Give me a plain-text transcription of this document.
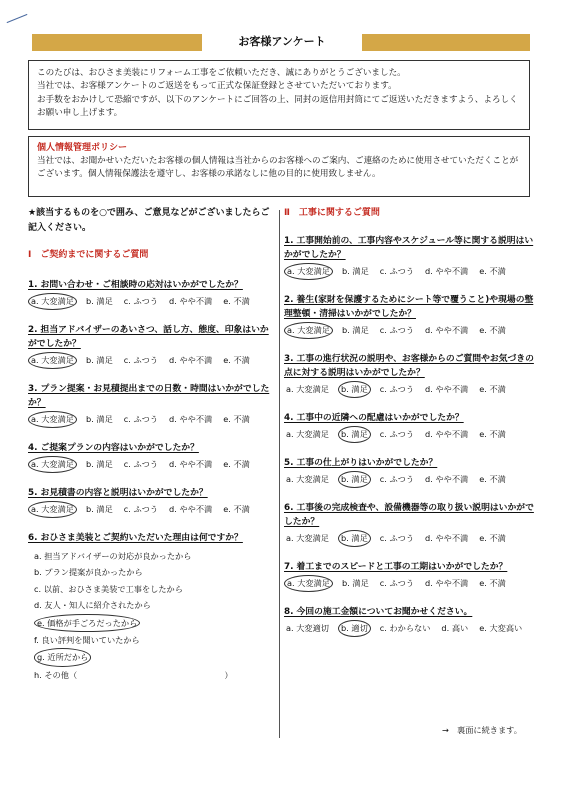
お客様アンケート
このたびは、おひさま美装にリフォーム工事をご依頼いただき、誠にありがとうございました。
当社では、お客様アンケートのご返送をもって正式な保証登録とさせていただいております。
お手数をおかけして恐縮ですが、以下のアンケートにご回答の上、同封の返信用封筒にてご返送いただきますよう、よろしくお願い申し上げます。
個人情報管理ポリシー
当社では、お聞かせいただいたお客様の個人情報は当社からのお客様へのご案内、ご連絡のために使用させていただくことがございます。個人情報保護法を遵守し、お客様の承諾なしに他の目的に使用致しません。
★該当するものを○で囲み、ご意見などがございましたらご記入ください。
Ⅰ　ご契約までに関するご質問
1. お問い合わせ・ご相談時の応対はいかがでしたか？
a. 大変満足 b. 満足 c. ふつう d. やや不満 e. 不満
2. 担当アドバイザーのあいさつ、話し方、態度、印象はいかがでしたか？
a. 大変満足 b. 満足 c. ふつう d. やや不満 e. 不満
3. プラン提案・お見積提出までの日数・時間はいかがでしたか？
a. 大変満足 b. 満足 c. ふつう d. やや不満 e. 不満
4. ご提案プランの内容はいかがでしたか？
a. 大変満足 b. 満足 c. ふつう d. やや不満 e. 不満
5. お見積書の内容と説明はいかがでしたか？
a. 大変満足 b. 満足 c. ふつう d. やや不満 e. 不満
6. おひさま美装とご契約いただいた理由は何ですか？
a. 担当アドバイザーの対応が良かったから
b. プラン提案が良かったから
c. 以前、おひさま美装で工事をしたから
d. 友人・知人に紹介されたから
e. 価格が手ごろだったから
f. 良い評判を聞いていたから
g. 近所だから
h. その他（　　　　　　　　　　　　　　　　　　）
Ⅱ　工事に関するご質問
1. 工事開始前の、工事内容やスケジュール等に関する説明はいかがでしたか？
a. 大変満足 b. 満足 c. ふつう d. やや不満 e. 不満
2. 養生(家財を保護するためにシート等で覆うこと)や現場の整理整頓・清掃はいかがでしたか？
a. 大変満足 b. 満足 c. ふつう d. やや不満 e. 不満
3. 工事の進行状況の説明や、お客様からのご質問やお気づきの点に対する説明はいかがでしたか？
a. 大変満足 b. 満足 c. ふつう d. やや不満 e. 不満
4. 工事中の近隣への配慮はいかがでしたか？
a. 大変満足 b. 満足 c. ふつう d. やや不満 e. 不満
5. 工事の仕上がりはいかがでしたか？
a. 大変満足 b. 満足 c. ふつう d. やや不満 e. 不満
6. 工事後の完成検査や、設備機器等の取り扱い説明はいかがでしたか？
a. 大変満足 b. 満足 c. ふつう d. やや不満 e. 不満
7. 着工までのスピードと工事の工期はいかがでしたか？
a. 大変満足 b. 満足 c. ふつう d. やや不満 e. 不満
8. 今回の施工金額についてお聞かせください。
a. 大変適切 b. 適切 c. わからない d. 高い e. 大変高い
→　裏面に続きます。
